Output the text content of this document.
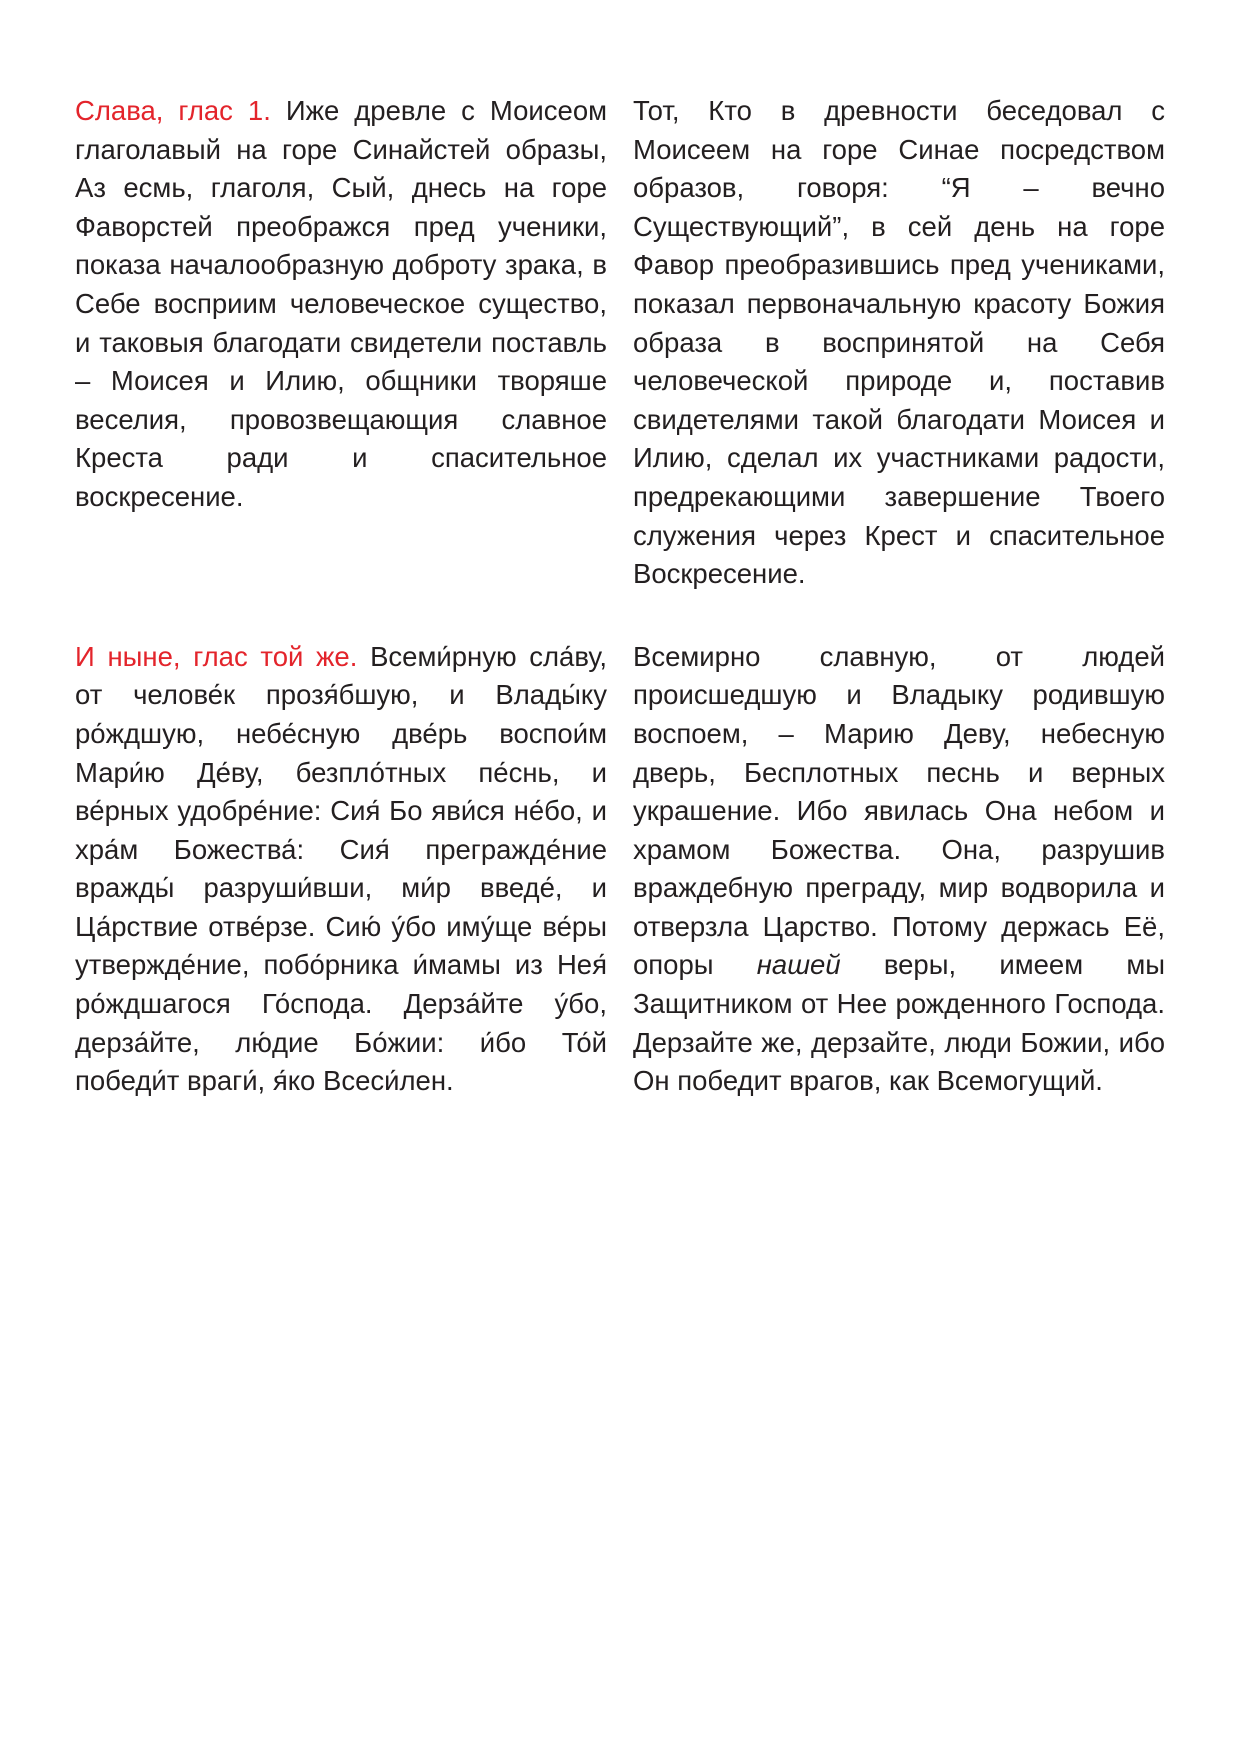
Слава, глас 1. Иже древле с Моисеом глаголавый на горе Синайстей образы, Аз есмь, глаголя, Сый, днесь на горе Фаворстей преображся пред ученики, показа началообразную доброту зрака, в Себе восприим человеческое существо, и таковыя благодати свидетели поставль – Моисея и Илию, общники творяше веселия, провозвещающия славное Креста ради и спасительное воскресение.

Тот, Кто в древности беседовал с Моисеем на горе Синае посредством образов, говоря: “Я – вечно Существующий”, в сей день на горе Фавор преобразившись пред учениками, показал первоначальную красоту Божия образа в воспринятой на Себя человеческой природе и, поставив свидетелями такой благодати Моисея и Илию, сделал их участниками радости, предрекающими завершение Твоего служения через Крест и спасительное Воскресение.

И ныне, глас той же. Всеми́рную сла́ву, от челове́к прозя́бшую, и Влады́ку ро́ждшую, небе́сную две́рь воспои́м Мари́ю Де́ву, безпло́тных пе́снь, и ве́рных удобре́ние: Сия́ Бо яви́ся не́бо, и хра́м Божества́: Сия́ прегражде́ние вражды́ разруши́вши, ми́р введе́, и Ца́рствие отве́рзе. Сию́ у́бо иму́ще ве́ры утвержде́ние, побо́рника и́мамы из Нея́ ро́ждшагося Го́спода. Дерза́йте у́бо, дерза́йте, лю́дие Бо́жии: и́бо То́й победи́т враги́, я́ко Всеси́лен.

Всемирно славную, от людей происшедшую и Владыку родившую воспоем, – Марию Деву, небесную дверь, Бесплотных песнь и верных украшение. Ибо явилась Она небом и храмом Божества. Она, разрушив враждебную преграду, мир водворила и отверзла Царство. Потому держась Её, опоры нашей веры, имеем мы Защитником от Нее рожденного Господа. Дерзайте же, дерзайте, люди Божии, ибо Он победит врагов, как Всемогущий.
